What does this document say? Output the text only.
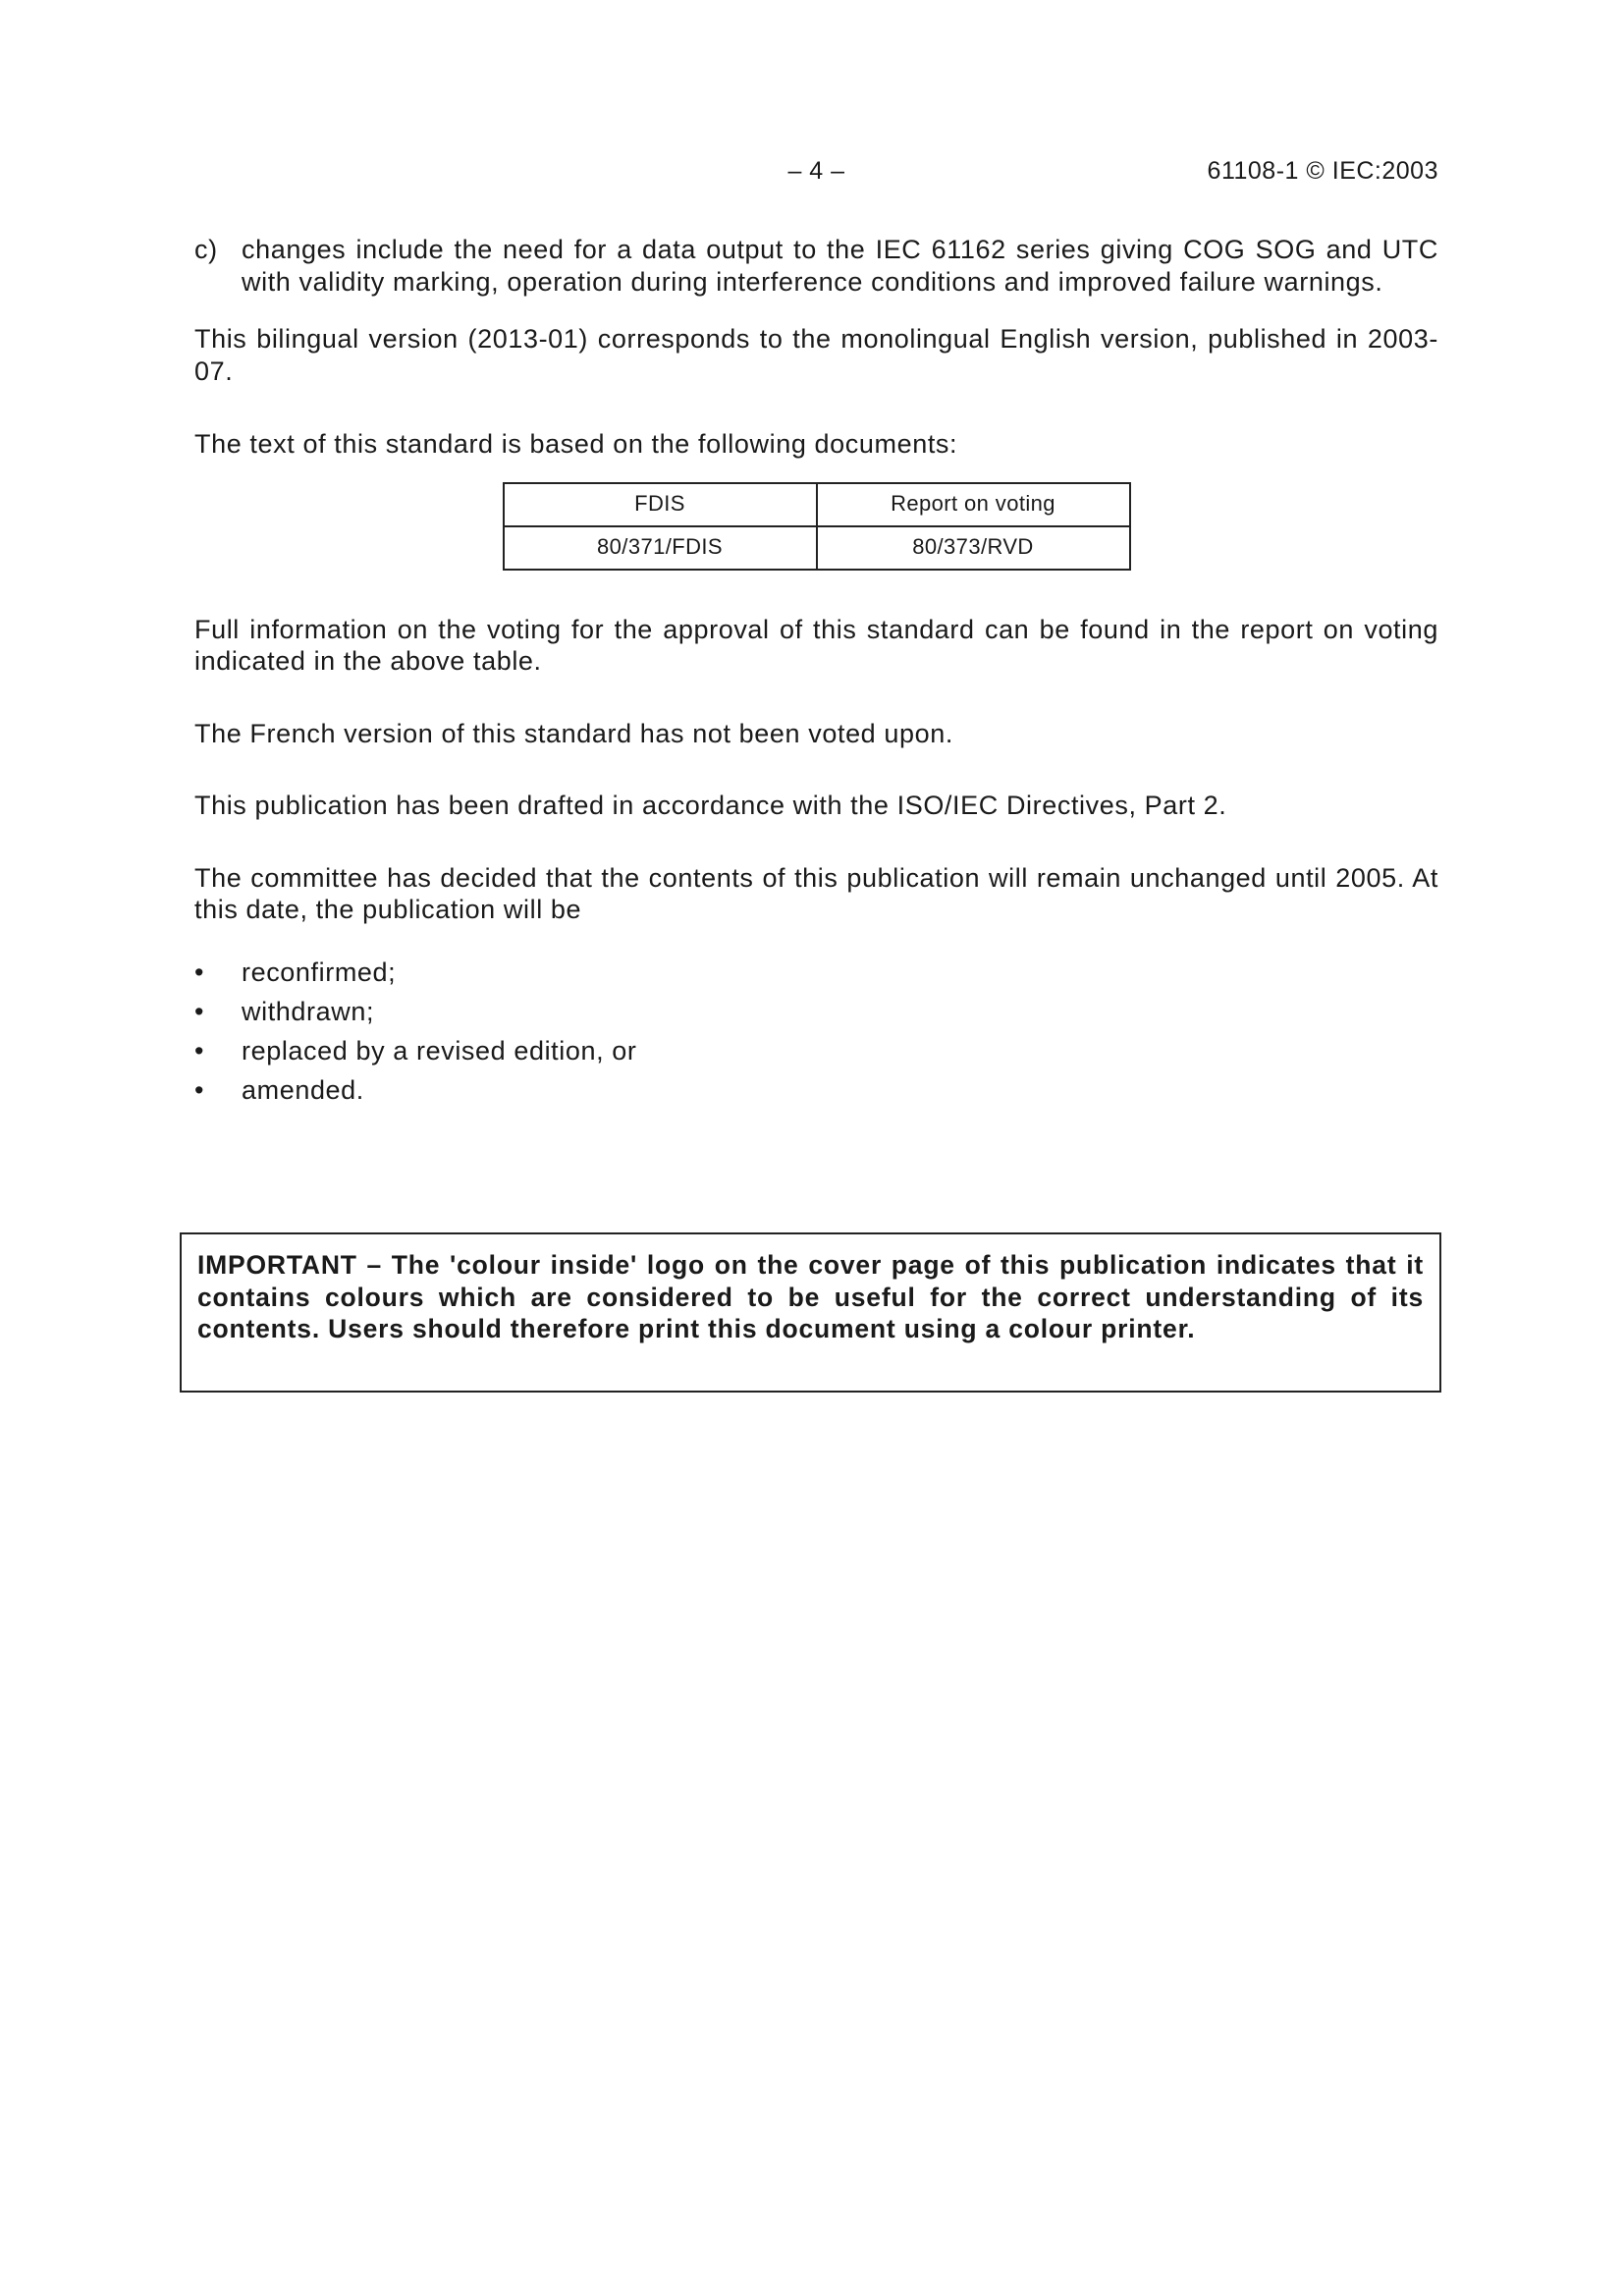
– 4 –	61108-1 © IEC:2003

c) changes include the need for a data output to the IEC 61162 series giving COG SOG and UTC with validity marking, operation during interference conditions and improved failure warnings.

This bilingual version (2013-01) corresponds to the monolingual English version, published in 2003-07.

The text of this standard is based on the following documents:

FDIS	Report on voting
80/371/FDIS	80/373/RVD

Full information on the voting for the approval of this standard can be found in the report on voting indicated in the above table.

The French version of this standard has not been voted upon.

This publication has been drafted in accordance with the ISO/IEC Directives, Part 2.

The committee has decided that the contents of this publication will remain unchanged until 2005. At this date, the publication will be

• reconfirmed;
• withdrawn;
• replaced by a revised edition, or
• amended.

IMPORTANT – The 'colour inside' logo on the cover page of this publication indicates that it contains colours which are considered to be useful for the correct understanding of its contents. Users should therefore print this document using a colour printer.
